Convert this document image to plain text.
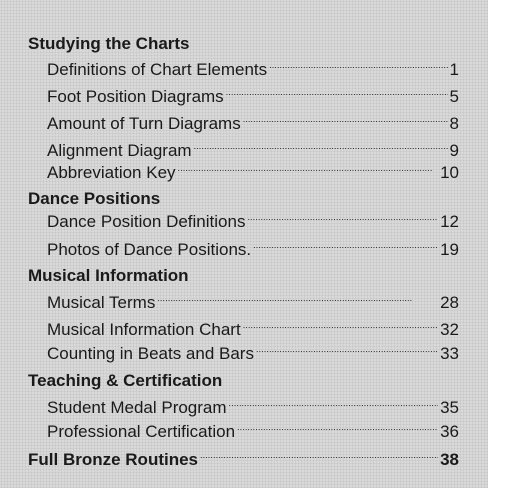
Studying the Charts
Definitions of Chart Elements . . .	1
Foot Position Diagrams . . .	5
Amount of Turn Diagrams . . .	8
Alignment Diagram . . .	9
Abbreviation Key . . .	10
Dance Positions
Dance Position Definitions . . .	12
Photos of Dance Positions. . . .	19
Musical Information
Musical Terms . . .	28
Musical Information Chart . . .	32
Counting in Beats and Bars . . .	33
Teaching & Certification
Student Medal Program . . .	35
Professional Certification . . .	36
Full Bronze Routines . . .	38
